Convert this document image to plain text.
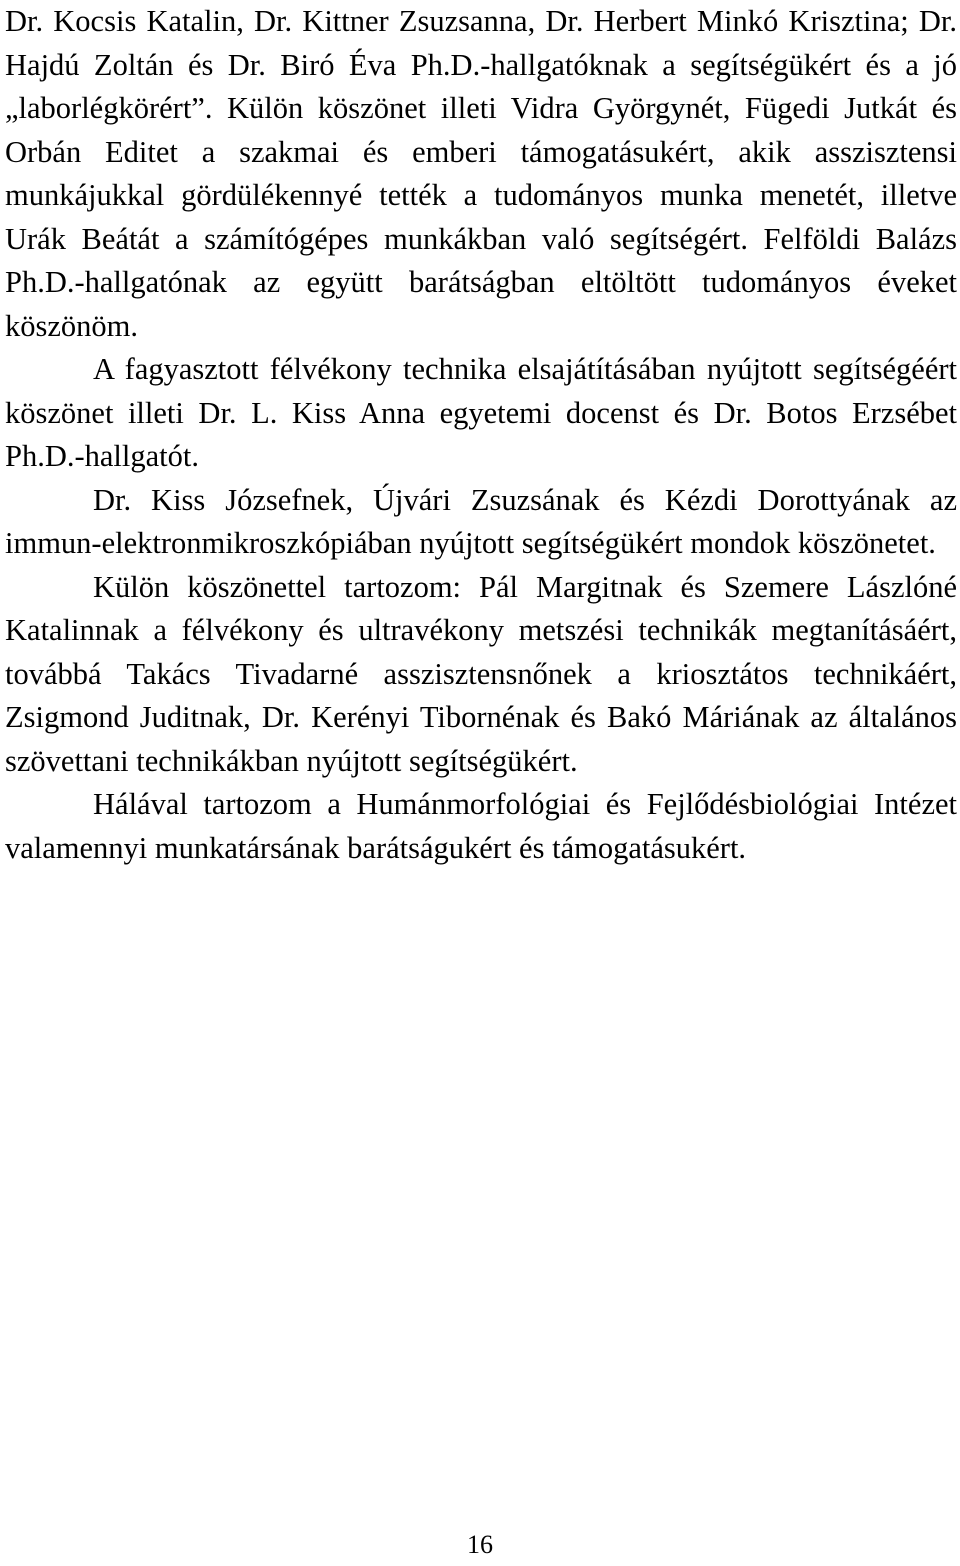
Dr. Kocsis Katalin, Dr. Kittner Zsuzsanna, Dr. Herbert Minkó Krisztina; Dr. Hajdú Zoltán és Dr. Biró Éva Ph.D.-hallgatóknak a segítségükért és a jó „laborlégkörért”. Külön köszönet illeti Vidra Györgynét, Fügedi Jutkát és Orbán Editet a szakmai és emberi támogatásukért, akik asszisztensi munkájukkal gördülékennyé tették a tudományos munka menetét, illetve Urák Beátát a számítógépes munkákban való segítségért. Felföldi Balázs Ph.D.-hallgatónak az együtt barátságban eltöltött tudományos éveket köszönöm.

A fagyasztott félvékony technika elsajátításában nyújtott segítségéért köszönet illeti Dr. L. Kiss Anna egyetemi docenst és Dr. Botos Erzsébet Ph.D.-hallgatót.

Dr. Kiss Józsefnek, Újvári Zsuzsának és Kézdi Dorottyának az immun-elektronmikroszkópiában nyújtott segítségükért mondok köszönetet.

Külön köszönettel tartozom: Pál Margitnak és Szemere Lászlóné Katalinnak a félvékony és ultravékony metszési technikák megtanításáért, továbbá Takács Tivadarné asszisztensnőnek a kriosztátos technikáért, Zsigmond Juditnak, Dr. Kerényi Tibornénak és Bakó Máriának az általános szövettani technikákban nyújtott segítségükért.

Hálával tartozom a Humánmorfológiai és Fejlődésbiológiai Intézet valamennyi munkatársának barátságukért és támogatásukért.

16
